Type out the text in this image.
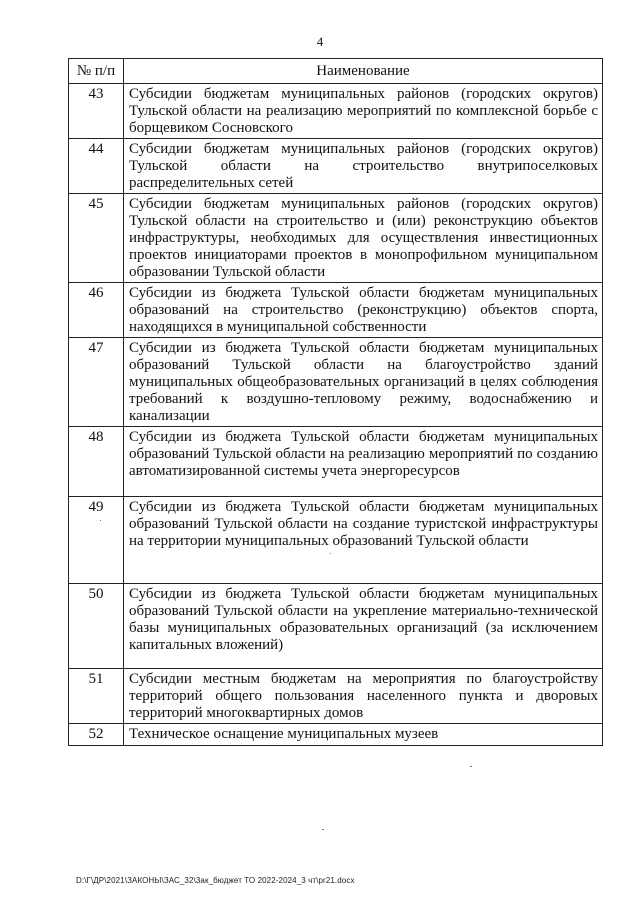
4
№ п/п	Наименование
43	Субсидии бюджетам муниципальных районов (городских округов) Тульской области на реализацию мероприятий по комплексной борьбе с борщевиком Сосновского
44	Субсидии бюджетам муниципальных районов (городских округов) Тульской области на строительство внутрипоселковых распределительных сетей
45	Субсидии бюджетам муниципальных районов (городских округов) Тульской области на строительство и (или) реконструкцию объектов инфраструктуры, необходимых для осуществления инвестиционных проектов инициаторами проектов в монопрофильном муниципальном образовании Тульской области
46	Субсидии из бюджета Тульской области бюджетам муниципальных образований на строительство (реконструкцию) объектов спорта, находящихся в муниципальной собственности
47	Субсидии из бюджета Тульской области бюджетам муниципальных образований Тульской области на благоустройство зданий муниципальных общеобразовательных организаций в целях соблюдения требований к воздушно-тепловому режиму, водоснабжению и канализации
48	Субсидии из бюджета Тульской области бюджетам муниципальных образований Тульской области на реализацию мероприятий по созданию автоматизированной системы учета энергоресурсов
49	Субсидии из бюджета Тульской области бюджетам муниципальных образований Тульской области на создание туристской инфраструктуры на территории муниципальных образований Тульской области
50	Субсидии из бюджета Тульской области бюджетам муниципальных образований Тульской области на укрепление материально-технической базы муниципальных образовательных организаций (за исключением капитальных вложений)
51	Субсидии местным бюджетам на мероприятия по благоустройству территорий общего пользования населенного пункта и дворовых территорий многоквартирных домов
52	Техническое оснащение муниципальных музеев
D:\Г\ДР\2021\ЗАКОНЫ\ЗАС_32\3ак_бюджет ТО 2022-2024_3 чт\pr21.docx
